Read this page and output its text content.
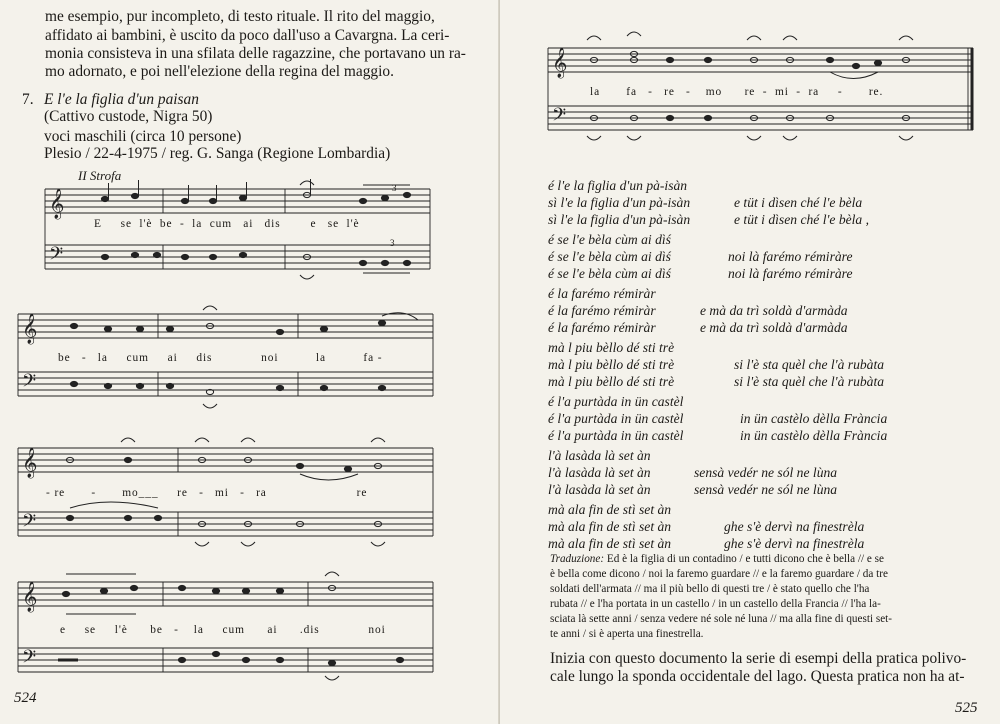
me esempio, pur incompleto, di testo rituale. Il rito del maggio,
affidato ai bambini, è uscito da poco dall'uso a Cavargna. La ceri-
monia consisteva in una sfilata delle ragazzine, che portavano un ra-
mo adornato, e poi nell'elezione della regina del maggio.
7. E l'e la figlia d'un paisan
(Cattivo custode, Nigra 50)
voci maschili (circa 10 persone)
Plesio / 22-4-1975 / reg. G. Sanga (Regione Lombardia)
II Strofa
3
3
𝄞
𝄢
E se l'è be - la cum ai dis	e se l'è
𝄞
𝄢
be - la cum ai dis	noi	la	fa -
𝄞
𝄢
- re - mo___     re - mi - ra	re
𝄞
𝄢
e se l'è be - la cum ai .dis	noi
524
𝄞
𝄢
la fa - re - mo re - mi - ra - re.
é l'e la figlia d'un pà-isàn
sì l'e la figlia d'un pà-isàn	e tüt i dìsen ché l'e bèla
sì l'e la figlia d'un pà-isàn	e tüt i dìsen ché l'e bèla ,
é se l'e bèla cùm ai dìś
é se l'e bèla cùm ai dìś	noi là farémo rémiràre
é se l'e bèla cùm ai dìś	noi là farémo rémiràre
é la farémo rémiràr
é la farémo rémiràr	e mà da trì soldà d'armàda
é la farémo rémiràr	e mà da trì soldà d'armàda
mà l piu bèllo dé sti trè
mà l piu bèllo dé sti trè	si l'è sta quèl che l'à rubàta
mà l piu bèllo dé sti trè	si l'è sta quèl che l'à rubàta
é l'a purtàda in ün castèl
é l'a purtàda in ün castèl	in ün castèlo dèlla Frància
é l'a purtàda in ün castèl	in ün castèlo dèlla Frància
l'à lasàda là set àn
l'à lasàda là set àn	sensà vedér ne sól ne lùna
l'à lasàda là set àn	sensà vedér ne sól ne lùna
mà ala fin de stì set àn
mà ala fin de stì set àn	ghe s'è dervì na finestrèla
mà ala fin de stì set àn	ghe s'è dervì na finestrèla
Traduzione: Ed è la figlia di un contadino / e tutti dicono che è bella // e se
è bella come dicono / noi la faremo guardare // e la faremo guardare / da tre
soldati dell'armata // ma il più bello di questi tre / è stato quello che l'ha
rubata // e l'ha portata in un castello / in un castello della Francia // l'ha la-
sciata là sette anni / senza vedere né sole né luna // ma alla fine di questi set-
te anni / si è aperta una finestrella.
Inizia con questo documento la serie di esempi della pratica polivo-
cale lungo la sponda occidentale del lago. Questa pratica non ha at-
525
